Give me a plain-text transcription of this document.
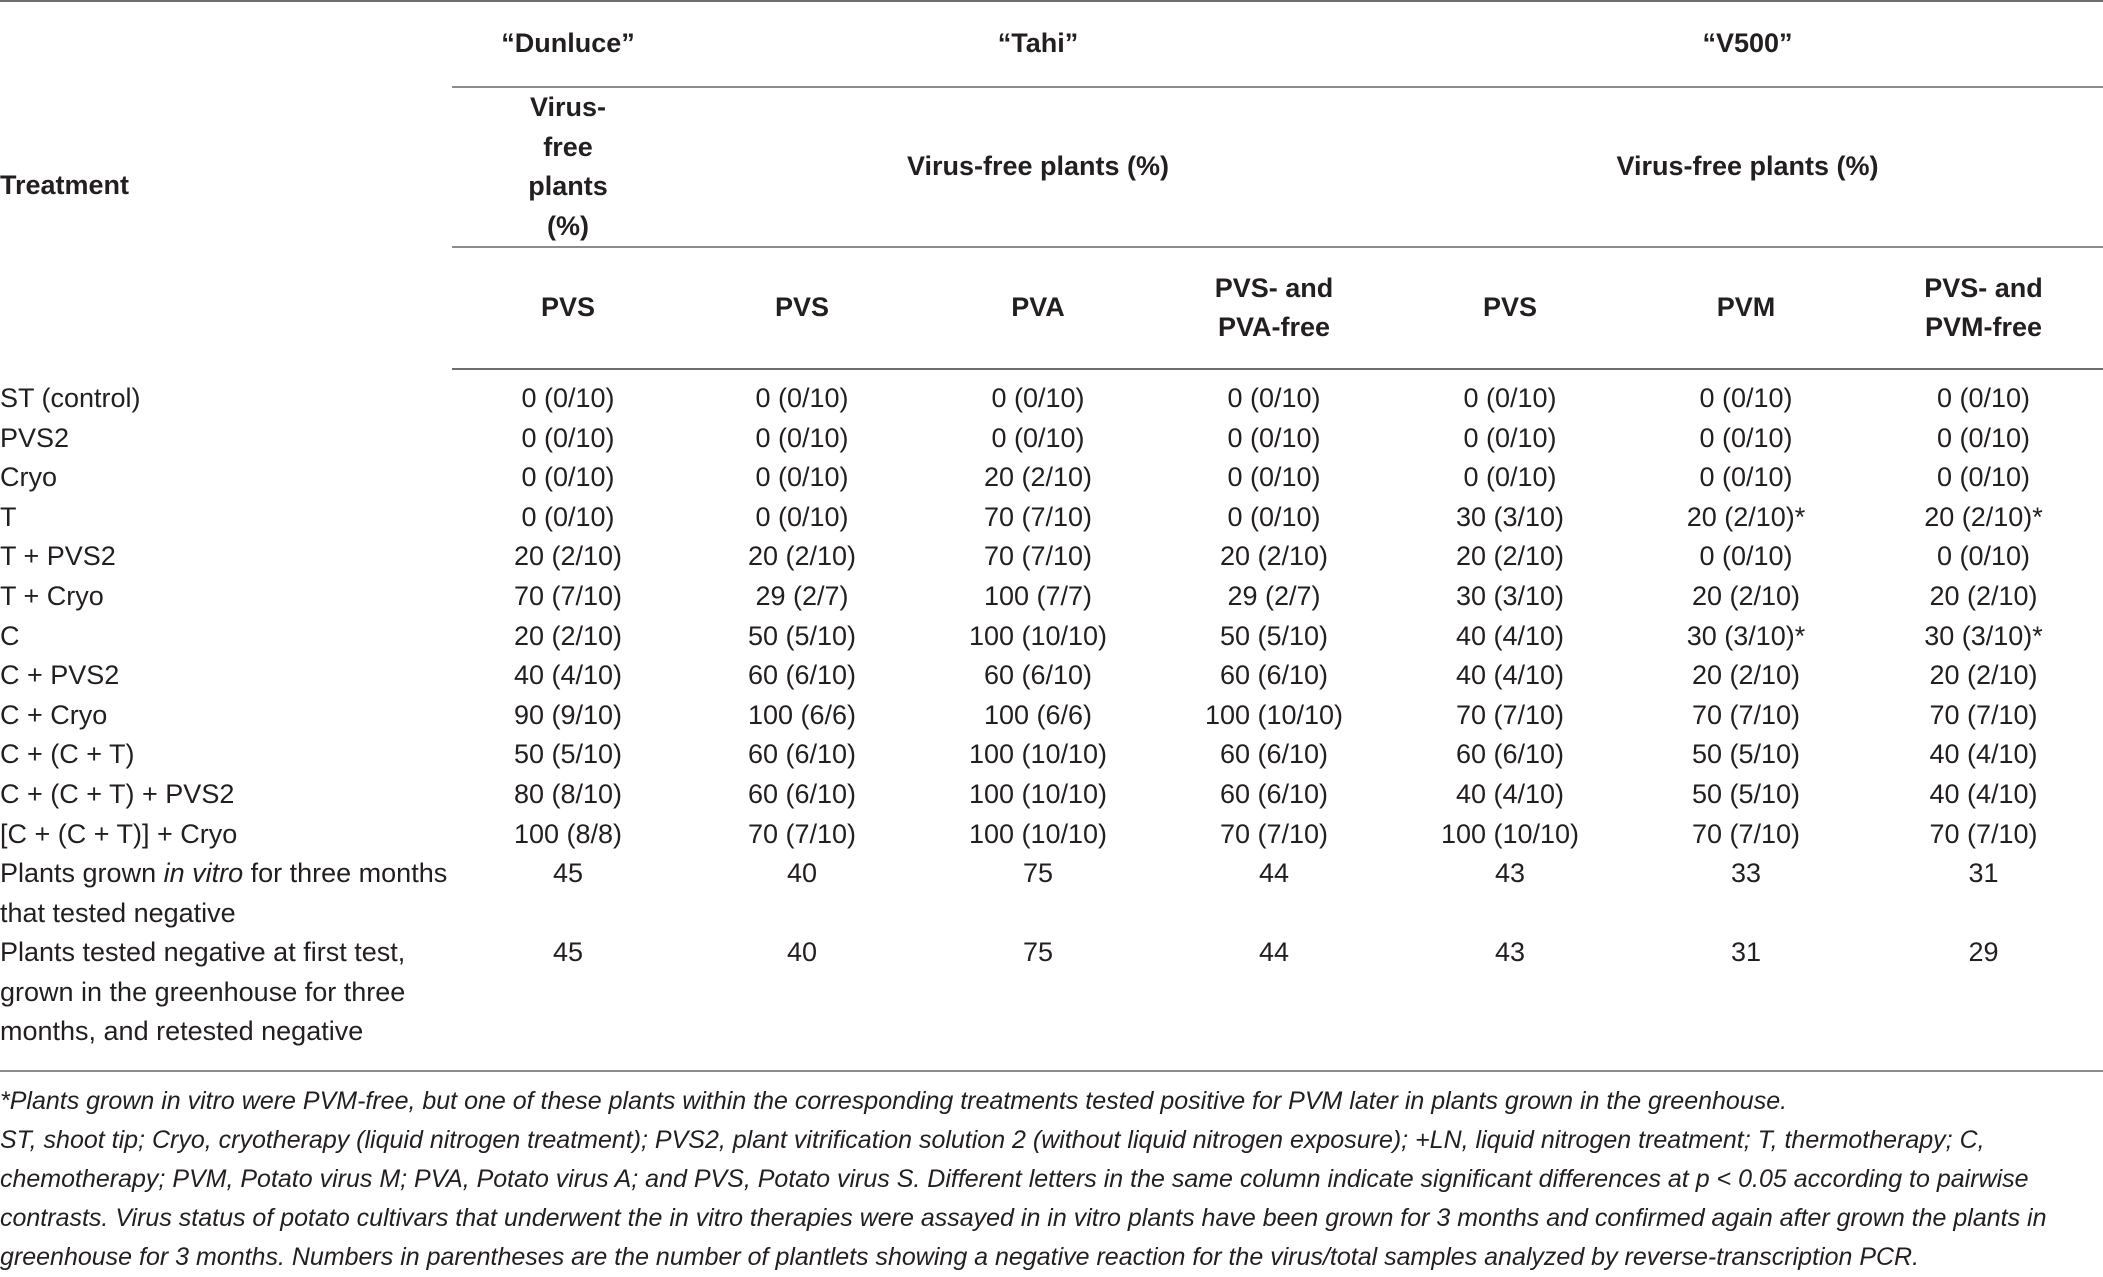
Treatment	“Dunluce”	“Tahi”			“V500”		
	Virus-free plants (%)	Virus-free plants (%)			Virus-free plants (%)		
	PVS	PVS	PVA	PVS- and PVA-free	PVS	PVM	PVS- and PVM-free
ST (control)	0 (0/10)	0 (0/10)	0 (0/10)	0 (0/10)	0 (0/10)	0 (0/10)	0 (0/10)
PVS2	0 (0/10)	0 (0/10)	0 (0/10)	0 (0/10)	0 (0/10)	0 (0/10)	0 (0/10)
Cryo	0 (0/10)	0 (0/10)	20 (2/10)	0 (0/10)	0 (0/10)	0 (0/10)	0 (0/10)
T	0 (0/10)	0 (0/10)	70 (7/10)	0 (0/10)	30 (3/10)	20 (2/10)*	20 (2/10)*
T + PVS2	20 (2/10)	20 (2/10)	70 (7/10)	20 (2/10)	20 (2/10)	0 (0/10)	0 (0/10)
T + Cryo	70 (7/10)	29 (2/7)	100 (7/7)	29 (2/7)	30 (3/10)	20 (2/10)	20 (2/10)
C	20 (2/10)	50 (5/10)	100 (10/10)	50 (5/10)	40 (4/10)	30 (3/10)*	30 (3/10)*
C + PVS2	40 (4/10)	60 (6/10)	60 (6/10)	60 (6/10)	40 (4/10)	20 (2/10)	20 (2/10)
C + Cryo	90 (9/10)	100 (6/6)	100 (6/6)	100 (10/10)	70 (7/10)	70 (7/10)	70 (7/10)
C + (C + T)	50 (5/10)	60 (6/10)	100 (10/10)	60 (6/10)	60 (6/10)	50 (5/10)	40 (4/10)
C + (C + T) + PVS2	80 (8/10)	60 (6/10)	100 (10/10)	60 (6/10)	40 (4/10)	50 (5/10)	40 (4/10)
[C + (C + T)] + Cryo	100 (8/8)	70 (7/10)	100 (10/10)	70 (7/10)	100 (10/10)	70 (7/10)	70 (7/10)
Plants grown in vitro for three months that tested negative	45	40	75	44	43	33	31
Plants tested negative at first test, grown in the greenhouse for three months, and retested negative	45	40	75	44	43	31	29

*Plants grown in vitro were PVM-free, but one of these plants within the corresponding treatments tested positive for PVM later in plants grown in the greenhouse.

ST, shoot tip; Cryo, cryotherapy (liquid nitrogen treatment); PVS2, plant vitrification solution 2 (without liquid nitrogen exposure); +LN, liquid nitrogen treatment; T, thermotherapy; C, chemotherapy; PVM, Potato virus M; PVA, Potato virus A; and PVS, Potato virus S. Different letters in the same column indicate significant differences at p < 0.05 according to pairwise contrasts. Virus status of potato cultivars that underwent the in vitro therapies were assayed in in vitro plants have been grown for 3 months and confirmed again after grown the plants in greenhouse for 3 months. Numbers in parentheses are the number of plantlets showing a negative reaction for the virus/total samples analyzed by reverse-transcription PCR.
